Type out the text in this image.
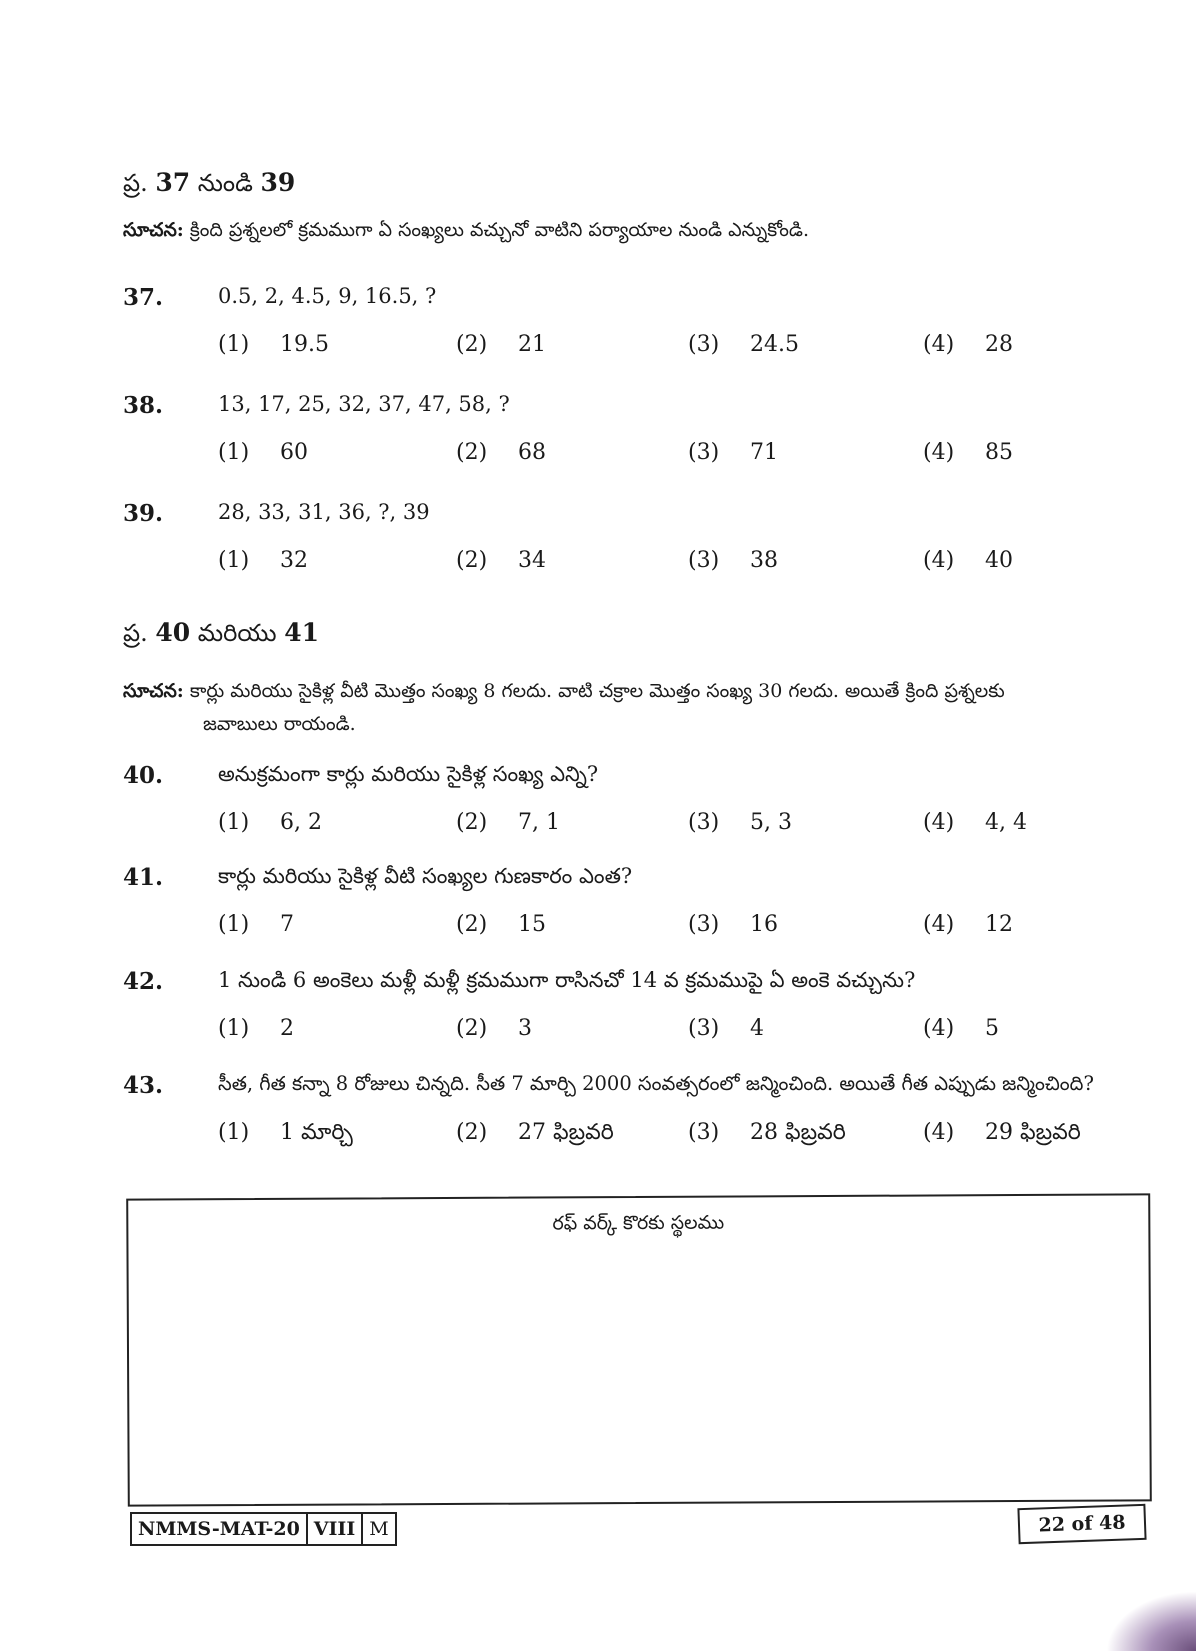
ప్ర. 37 నుండి 39
సూచన: క్రింది ప్రశ్నలలో క్రమముగా ఏ సంఖ్యలు వచ్చునో వాటిని పర్యాయాల నుండి ఎన్నుకోండి.
37.	0.5, 2, 4.5, 9, 16.5, ?
(1) 19.5	(2) 21	(3) 24.5	(4) 28
38.	13, 17, 25, 32, 37, 47, 58, ?
(1) 60	(2) 68	(3) 71	(4) 85
39.	28, 33, 31, 36, ?, 39
(1) 32	(2) 34	(3) 38	(4) 40
ప్ర. 40 మరియు 41
సూచన: కార్లు మరియు సైకిళ్ల వీటి మొత్తం సంఖ్య 8 గలదు. వాటి చక్రాల మొత్తం సంఖ్య 30 గలదు. అయితే క్రింది ప్రశ్నలకు
జవాబులు రాయండి.
40.	అనుక్రమంగా కార్లు మరియు సైకిళ్ల సంఖ్య ఎన్ని?
(1) 6, 2	(2) 7, 1	(3) 5, 3	(4) 4, 4
41.	కార్లు మరియు సైకిళ్ల వీటి సంఖ్యల గుణకారం ఎంత?
(1) 7	(2) 15	(3) 16	(4) 12
42.	1 నుండి 6 అంకెలు మళ్లీ మళ్లీ క్రమముగా రాసినచో 14 వ క్రమముపై ఏ అంకె వచ్చును?
(1) 2	(2) 3	(3) 4	(4) 5
43.	సీత, గీత కన్నా 8 రోజులు చిన్నది. సీత 7 మార్చి 2000 సంవత్సరంలో జన్మించింది. అయితే గీత ఎప్పుడు జన్మించింది?
(1) 1 మార్చి	(2) 27 ఫిబ్రవరి	(3) 28 ఫిబ్రవరి	(4) 29 ఫిబ్రవరి
రఫ్ వర్క్ కొరకు స్థలము
NMMS-MAT-20 VIII M	22 of 48
